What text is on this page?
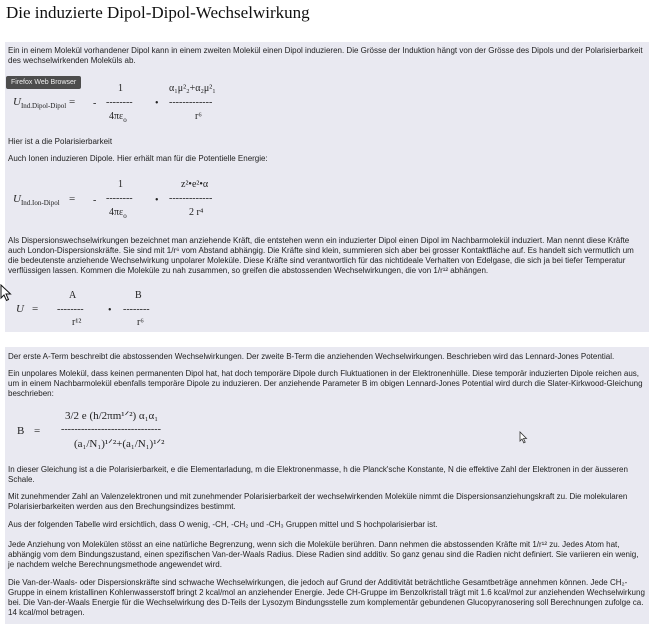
Die induzierte Dipol-Dipol-Wechselwirkung

Ein in einem Molekül vorhandener Dipol kann in einem zweiten Molekül einen Dipol induzieren. Die Grösse der Induktion hängt von der Grösse des Dipols und der Polarisierbarkeit des wechselwirkenden Moleküls ab.

$U_{Ind.Dipol-Dipol}$ = -
1
--------
$4\pi\varepsilon_o$
•
α₁μ²₂+α₂μ²₁
-------------
r⁶

Hier ist a die Polarisierbarkeit

Auch Ionen induzieren Dipole. Hier erhält man für die Potentielle Energie:

$U_{Ind.Ion-Dipol}$ = -
1
--------
$4\pi\varepsilon_o$
•
z²•e²•α
-------------
2 r⁴

Als Dispersionswechselwirkungen bezeichnet man anziehende Kräft, die entstehen wenn ein induzierter Dipol einen Dipol im Nachbarmolekül induziert. Man nennt diese Kräfte auch London-Dispersionskräfte. Sie sind mit 1/r⁶ vom Abstand abhängig. Die Kräfte sind klein, summieren sich aber bei grosser Kontaktfläche auf. Es handelt sich vermutlich um die bedeutenste anziehende Wechselwirkung unpolarer Moleküle. Diese Kräfte sind verantwortlich für das nichtideale Verhalten von Edelgase, die sich ja bei tiefer Temperatur verflüssigen lassen. Kommen die Moleküle zu nah zusammen, so greifen die abstossenden Wechselwirkungen, die von 1/r¹² abhängen.

U =
A
--------
r¹²
•
B
--------
r⁶

Der erste A-Term beschreibt die abstossenden Wechselwirkungen. Der zweite B-Term die anziehenden Wechselwirkungen. Beschrieben wird das Lennard-Jones Potential.

Ein unpolares Molekül, dass keinen permanenten Dipol hat, hat doch temporäre Dipole durch Fluktuationen in der Elektronenhülle. Diese temporär induzierten Dipole reichen aus, um in einem Nachbarmolekül ebenfalls temporäre Dipole zu induzieren. Der anziehende Parameter B im obigen Lennard-Jones Potential wird durch die Slater-Kirkwood-Gleichung beschrieben:

B =
3/2 e (h/2πm¹ᐟ²) α₁α₁
------------------------------
(a₁/N₁)¹ᐟ²+(a₁/N₁)¹ᐟ²

In dieser Gleichung ist a die Polarisierbarkeit, e die Elementarladung, m die Elektronenmasse, h die Planck'sche Konstante, N die effektive Zahl der Elektronen in der äusseren Schale.

Mit zunehmender Zahl an Valenzelektronen und mit zunehmender Polarisierbarkeit der wechselwirkenden Moleküle nimmt die Dispersionsanziehungskraft zu. Die molekularen Polarisierbarkeiten werden aus den Brechungsindizes bestimmt.

Aus der folgenden Tabelle wird ersichtlich, dass O wenig, -CH, -CH₂ und -CH₃ Gruppen mittel und S hochpolarisierbar ist.

Jede Anziehung von Molekülen stösst an eine natürliche Begrenzung, wenn sich die Moleküle berühren. Dann nehmen die abstossenden Kräfte mit 1/r¹² zu. Jedes Atom hat, abhängig vom dem Bindungszustand, einen spezifischen Van-der-Waals Radius. Diese Radien sind additiv. So ganz genau sind die Radien nicht definiert. Sie variieren ein wenig, je nachdem welche Berechnungsmethode angewendet wird.

Die Van-der-Waals- oder Dispersionskräfte sind schwache Wechselwirkungen, die jedoch auf Grund der Additivität beträchtliche Gesamtbeträge annehmen können. Jede CH₂-Gruppe in einem kristallinen Kohlenwasserstoff bringt 2 kcal/mol an anziehender Energie. Jede CH-Gruppe im Benzolkristall trägt mit 1.6 kcal/mol zur anziehenden Wechselwirkung bei. Die Van-der-Waals Energie für die Wechselwirkung des D-Teils der Lysozym Bindungsstelle zum komplementär gebundenen Glucopyranosering soll Berechnungen zufolge ca. 14 kcal/mol betragen.

Firefox Web Browser
